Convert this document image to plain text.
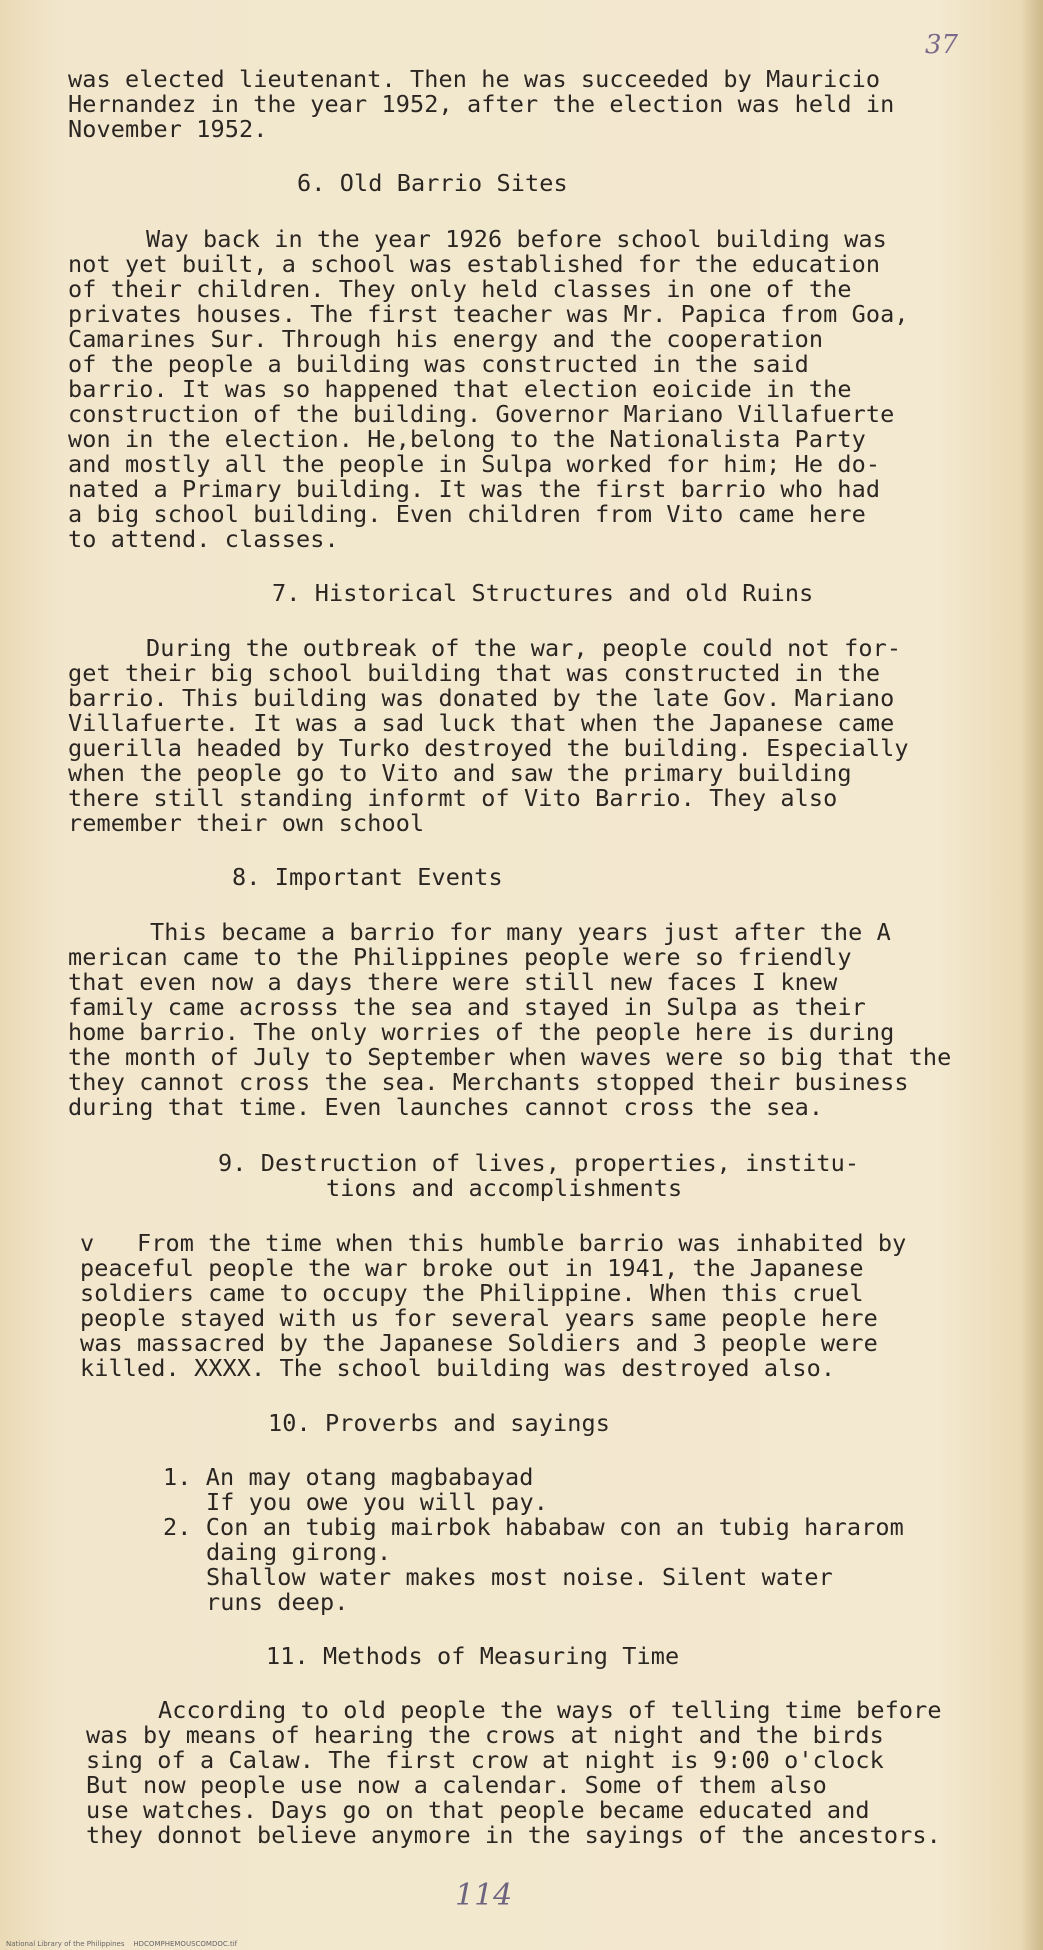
37
was elected lieutenant. Then he was succeeded by Mauricio
Hernandez in the year 1952, after the election was held in
November 1952.
6. Old Barrio Sites
Way back in the year 1926 before school building was
not yet built, a school was established for the education
of their children. They only held classes in one of the
privates houses. The first teacher was Mr. Papica from Goa,
Camarines Sur. Through his energy and the cooperation
of the people a building was constructed in the said
barrio. It was so happened that election eoicide in the
construction of the building. Governor Mariano Villafuerte
won in the election. He,belong to the Nationalista Party
and mostly all the people in Sulpa worked for him; He do-
nated a Primary building. It was the first barrio who had
a big school building. Even children from Vito came here
to attend. classes.
7. Historical Structures and old Ruins
During the outbreak of the war, people could not for-
get their big school building that was constructed in the
barrio. This building was donated by the late Gov. Mariano
Villafuerte. It was a sad luck that when the Japanese came
guerilla headed by Turko destroyed the building. Especially
when the people go to Vito and saw the primary building
there still standing informt of Vito Barrio. They also
remember their own school
8. Important Events
This became a barrio for many years just after the A
merican came to the Philippines people were so friendly
that even now a days there were still new faces I knew
family came acrosss the sea and stayed in Sulpa as their
home barrio. The only worries of the people here is during
the month of July to September when waves were so big that the
they cannot cross the sea. Merchants stopped their business
during that time. Even launches cannot cross the sea.
9. Destruction of lives, properties, institu-
tions and accomplishments
v   From the time when this humble barrio was inhabited by
peaceful people the war broke out in 1941, the Japanese
soldiers came to occupy the Philippine. When this cruel
people stayed with us for several years same people here
was massacred by the Japanese Soldiers and 3 people were
killed. XXXX. The school building was destroyed also.
10. Proverbs and sayings
1. An may otang magbabayad
If you owe you will pay.
2. Con an tubig mairbok hababaw con an tubig hararom
daing girong.
Shallow water makes most noise. Silent water
runs deep.
11. Methods of Measuring Time
According to old people the ways of telling time before
was by means of hearing the crows at night and the birds
sing of a Calaw. The first crow at night is 9:00 o'clock
But now people use now a calendar. Some of them also
use watches. Days go on that people became educated and
they donnot believe anymore in the sayings of the ancestors.
114
National Library of the Philippines    HDCOMPHEMOUSCOMDOC.tif
